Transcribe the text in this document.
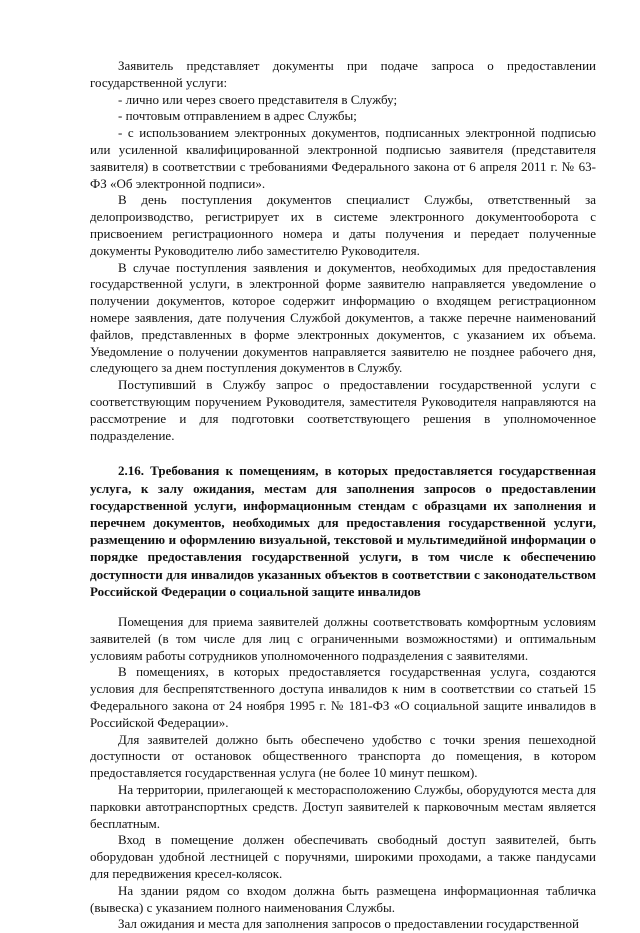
Заявитель представляет документы при подаче запроса о предоставлении государственной услуги:

- лично или через своего представителя в Службу;

- почтовым отправлением в адрес Службы;

- с использованием электронных документов, подписанных электронной подписью или усиленной квалифицированной электронной подписью заявителя (представителя заявителя) в соответствии с требованиями Федерального закона от 6 апреля 2011 г. № 63-ФЗ «Об электронной подписи».

В день поступления документов специалист Службы, ответственный за делопроизводство, регистрирует их в системе электронного документооборота с присвоением регистрационного номера и даты получения и передает полученные документы Руководителю либо заместителю Руководителя.

В случае поступления заявления и документов, необходимых для предоставления государственной услуги, в электронной форме заявителю направляется уведомление о получении документов, которое содержит информацию о входящем регистрационном номере заявления, дате получения Службой документов, а также перечне наименований файлов, представленных в форме электронных документов, с указанием их объема. Уведомление о получении документов направляется заявителю не позднее рабочего дня, следующего за днем поступления документов в Службу.

Поступивший в Службу запрос о предоставлении государственной услуги с соответствующим поручением Руководителя, заместителя Руководителя направляются на рассмотрение и для подготовки соответствующего решения в уполномоченное подразделение.

2.16. Требования к помещениям, в которых предоставляется государственная услуга, к залу ожидания, местам для заполнения запросов о предоставлении государственной услуги, информационным стендам с образцами их заполнения и перечнем документов, необходимых для предоставления государственной услуги, размещению и оформлению визуальной, текстовой и мультимедийной информации о порядке предоставления государственной услуги, в том числе к обеспечению доступности для инвалидов указанных объектов в соответствии с законодательством Российской Федерации о социальной защите инвалидов

Помещения для приема заявителей должны соответствовать комфортным условиям заявителей (в том числе для лиц с ограниченными возможностями) и оптимальным условиям работы сотрудников уполномоченного подразделения с заявителями.

В помещениях, в которых предоставляется государственная услуга, создаются условия для беспрепятственного доступа инвалидов к ним в соответствии со статьей 15 Федерального закона от 24 ноября 1995 г. № 181-ФЗ «О социальной защите инвалидов в Российской Федерации».

Для заявителей должно быть обеспечено удобство с точки зрения пешеходной доступности от остановок общественного транспорта до помещения, в котором предоставляется государственная услуга (не более 10 минут пешком).

На территории, прилегающей к месторасположению Службы, оборудуются места для парковки автотранспортных средств. Доступ заявителей к парковочным местам является бесплатным.

Вход в помещение должен обеспечивать свободный доступ заявителей, быть оборудован удобной лестницей с поручнями, широкими проходами, а также пандусами для передвижения кресел-колясок.

На здании рядом со входом должна быть размещена информационная табличка (вывеска) с указанием полного наименования Службы.

Зал ожидания и места для заполнения запросов о предоставлении государственной
